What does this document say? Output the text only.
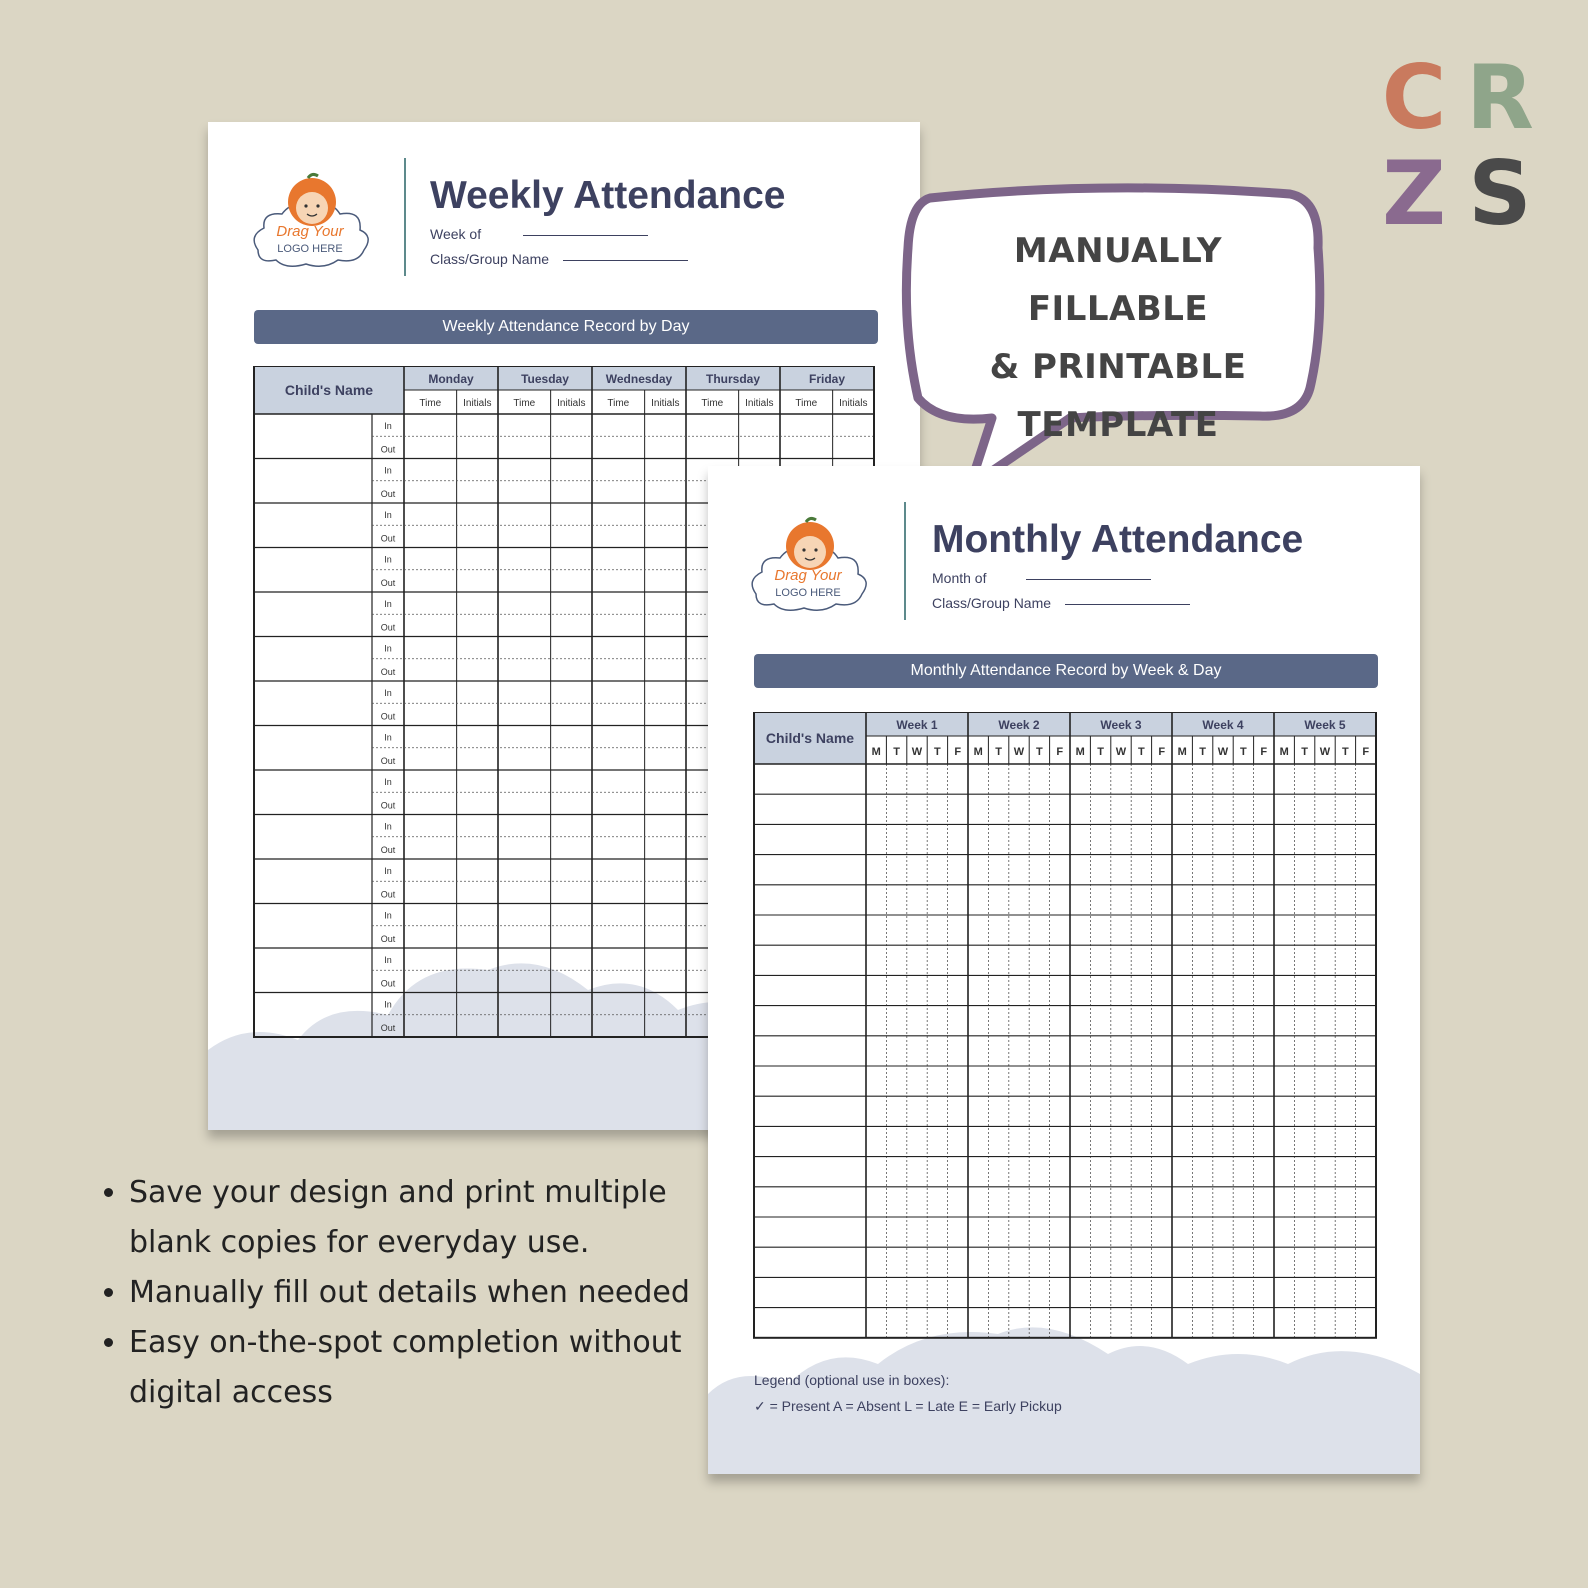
C R
Z S
Drag Your
LOGO HERE
Weekly Attendance
Week of
Class/Group Name
Weekly Attendance Record by Day
Child's Name
Monday
Time Initials
Tuesday
Time Initials
Wednesday
Time Initials
Thursday
Time Initials
Friday
Time Initials
In
Out
In
Out
In
Out
In
Out
In
Out
In
Out
In
Out
In
Out
In
Out
In
Out
In
Out
In
Out
In
Out
In
Out
MANUALLY FILLABLE
& PRINTABLE
TEMPLATE
Drag Your
LOGO HERE
Monthly Attendance
Month of
Class/Group Name
Monthly Attendance Record by Week & Day
Child's Name
Week 1
M T W T F
Week 2
M T W T F
Week 3
M T W T F
Week 4
M T W T F
Week 5
M T W T F
Legend (optional use in boxes):
✓ = Present A = Absent L = Late E = Early Pickup
• Save your design and print multiple blank copies for everyday use.
• Manually fill out details when needed
• Easy on-the-spot completion without digital access
